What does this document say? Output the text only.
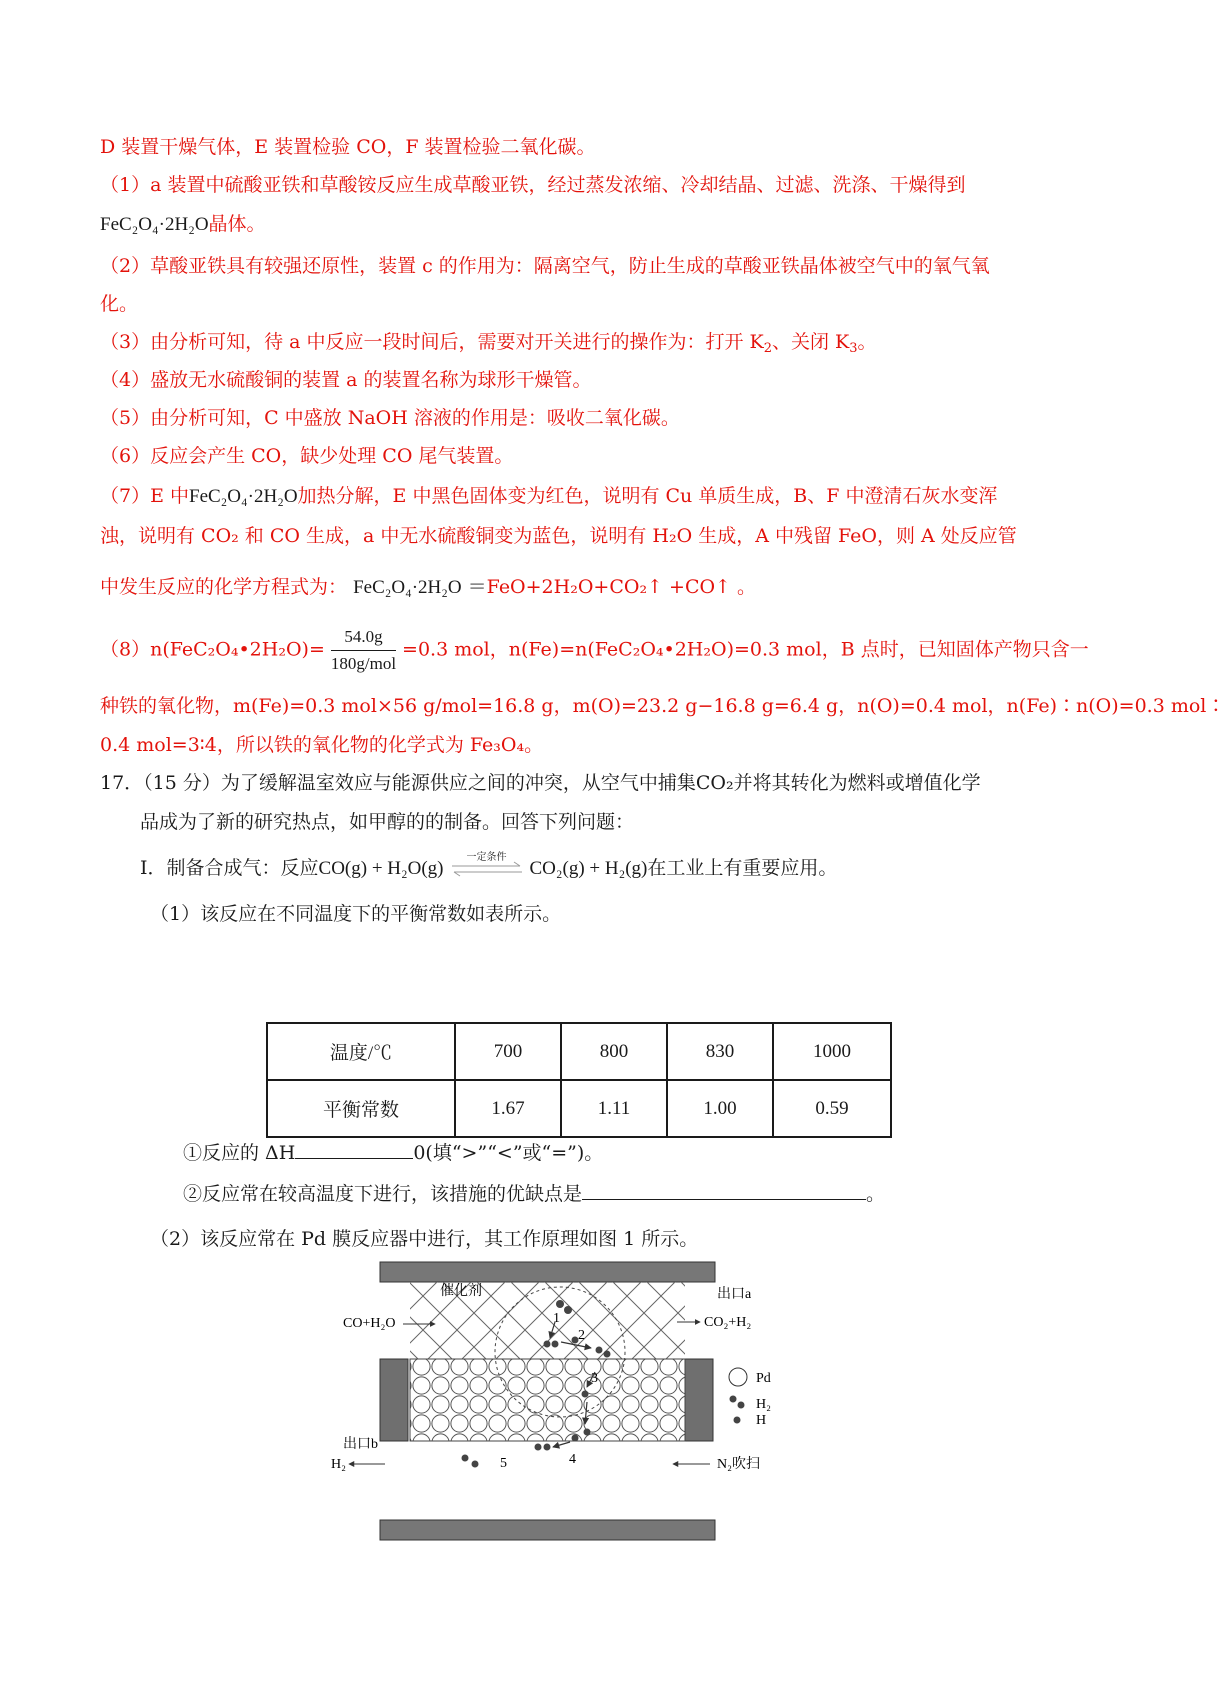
D 装置干燥气体，E 装置检验 CO，F 装置检验二氧化碳。
（1）a 装置中硫酸亚铁和草酸铵反应生成草酸亚铁，经过蒸发浓缩、冷却结晶、过滤、洗涤、干燥得到
FeC₂O₄·2H₂O晶体。
（2）草酸亚铁具有较强还原性，装置 c 的作用为：隔离空气，防止生成的草酸亚铁晶体被空气中的氧气氧
化。
（3）由分析可知，待 a 中反应一段时间后，需要对开关进行的操作为：打开 $K_2$、关闭 $K_3$。
（4）盛放无水硫酸铜的装置 a 的装置名称为球形干燥管。
（5）由分析可知，C 中盛放 NaOH 溶液的作用是：吸收二氧化碳。
（6）反应会产生 CO，缺少处理 CO 尾气装置。
（7）E 中FeC₂O₄·2H₂O加热分解，E 中黑色固体变为红色，说明有 Cu 单质生成，B、F 中澄清石灰水变浑
浊，说明有 CO₂ 和 CO 生成，a 中无水硫酸铜变为蓝色，说明有 H₂O 生成，A 中残留 FeO，则 A 处反应管
中发生反应的化学方程式为： FeC₂O₄·2H₂O ＝FeO+2H₂O+CO₂↑ +CO↑ 。
（8）n(FeC₂O₄•2H₂O)= $\frac{54.0g}{\text{180g/mol}} =0.3$ mol，n(Fe)=n(FeC₂O₄•2H₂O)=0.3 mol，B 点时，已知固体产物只含一
种铁的氧化物，m(Fe)=0.3 mol×56 g/mol=16.8 g，m(O)=23.2 g−16.8 g=6.4 g，n(O)=0.4 mol，n(Fe)∶n(O)=0.3 mol∶
0.4 mol=3∶4，所以铁的氧化物的化学式为 Fe₃O₄。
17．（15 分）为了缓解温室效应与能源供应之间的冲突，从空气中捕集CO₂并将其转化为燃料或增值化学
品成为了新的研究热点，如甲醇的的制备。回答下列问题：
I．制备合成气：反应CO(g) + H₂O(g)
一定条件
CO₂(g) + H₂(g)在工业上有重要应用。
（1）该反应在不同温度下的平衡常数如表所示。
温度/℃	700	800	830	1000
平衡常数	1.67	1.11	1.00	0.59
①反应的 ΔH	0(填“>”“<”或“=”)。
②反应常在较高温度下进行，该措施的优缺点是	。
（2）该反应常在 Pd 膜反应器中进行，其工作原理如图 1 所示。
1
2
3
4
5
催化剂	出口a
CO+H₂O	CO₂+H₂
Pd
H₂
H
出口b
H₂	N₂吹扫
